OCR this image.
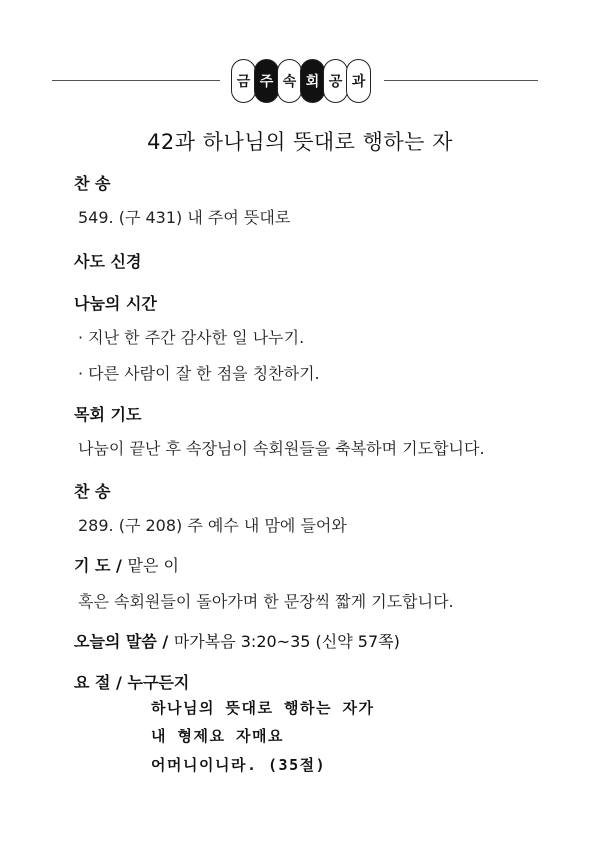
금 주 속 회 공 과
42과 하나님의 뜻대로 행하는 자
찬 송
549. (구 431) 내 주여 뜻대로
사도 신경
나눔의 시간
· 지난 한 주간 감사한 일 나누기.
· 다른 사람이 잘 한 점을 칭찬하기.
목회 기도
나눔이 끝난 후 속장님이 속회원들을 축복하며 기도합니다.
찬 송
289. (구 208) 주 예수 내 맘에 들어와
기 도 / 맡은 이
혹은 속회원들이 돌아가며 한 문장씩 짧게 기도합니다.
오늘의 말씀 / 마가복음 3:20~35 (신약 57쪽)
요 절 / 누구든지
하나님의 뜻대로 행하는 자가
내 형제요 자매요
어머니이니라. (35절)
